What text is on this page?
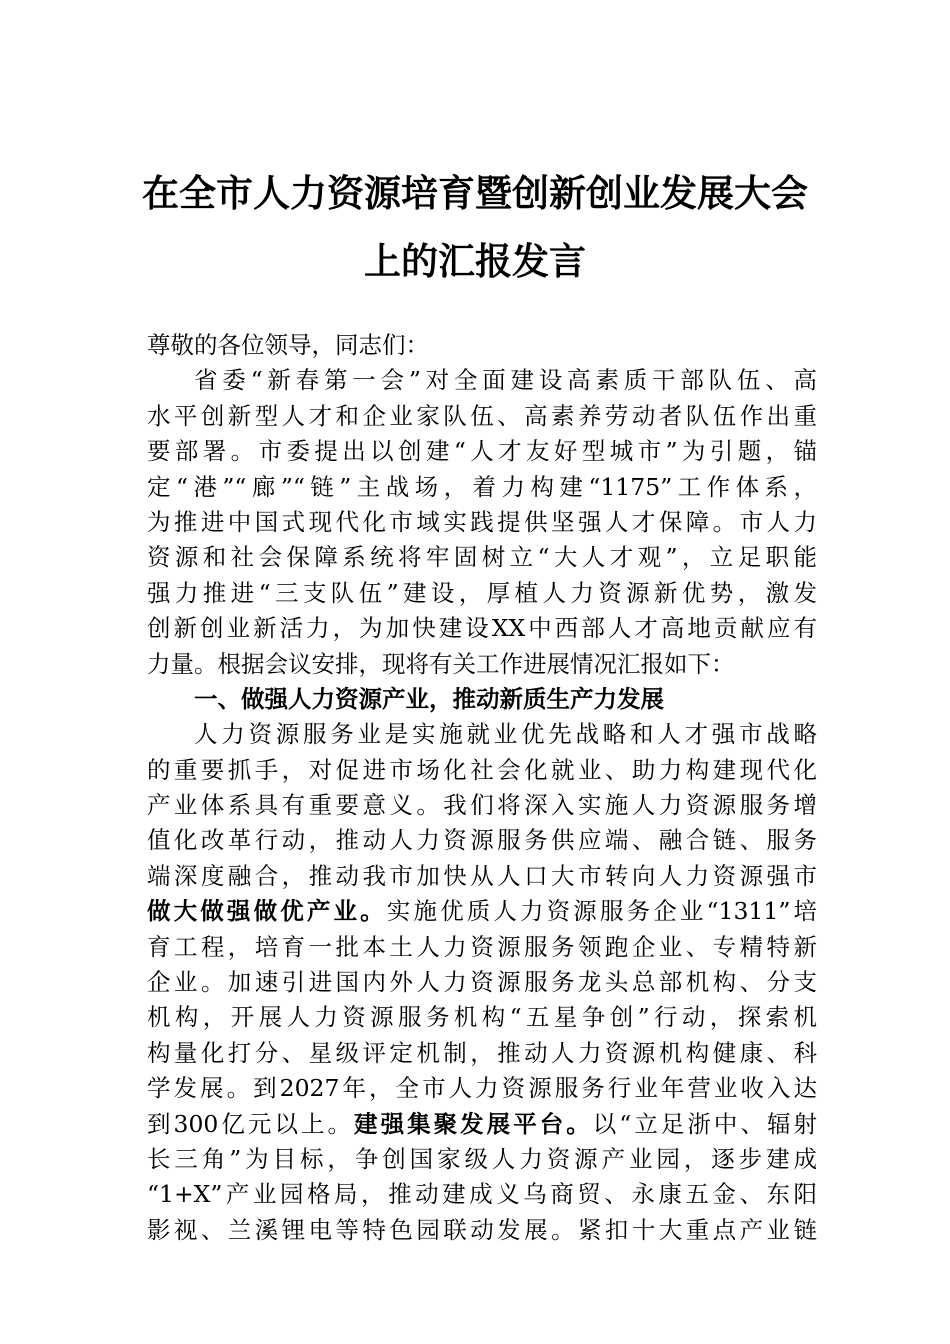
在全市人力资源培育暨创新创业发展大会
上的汇报发言
尊敬的各位领导，同志们：
省委“新春第一会”对全面建设高素质干部队伍、高
水平创新型人才和企业家队伍、高素养劳动者队伍作出重
要部署。市委提出以创建“人才友好型城市”为引题，锚
定“港”“廊”“链”主战场，着力构建“1175”工作体系，
为推进中国式现代化市域实践提供坚强人才保障。市人力
资源和社会保障系统将牢固树立“大人才观”，立足职能
强力推进“三支队伍”建设，厚植人力资源新优势，激发
创新创业新活力，为加快建设XX中西部人才高地贡献应有
力量。根据会议安排，现将有关工作进展情况汇报如下：
一、做强人力资源产业，推动新质生产力发展
人力资源服务业是实施就业优先战略和人才强市战略
的重要抓手，对促进市场化社会化就业、助力构建现代化
产业体系具有重要意义。我们将深入实施人力资源服务增
值化改革行动，推动人力资源服务供应端、融合链、服务
端深度融合，推动我市加快从人口大市转向人力资源强市
做大做强做优产业。实施优质人力资源服务企业“1311”培
育工程，培育一批本土人力资源服务领跑企业、专精特新
企业。加速引进国内外人力资源服务龙头总部机构、分支
机构，开展人力资源服务机构“五星争创”行动，探索机
构量化打分、星级评定机制，推动人力资源机构健康、科
学发展。到2027年，全市人力资源服务行业年营业收入达
到300亿元以上。建强集聚发展平台。以“立足浙中、辐射
长三角”为目标，争创国家级人力资源产业园，逐步建成
“1+X”产业园格局，推动建成义乌商贸、永康五金、东阳
影视、兰溪锂电等特色园联动发展。紧扣十大重点产业链
